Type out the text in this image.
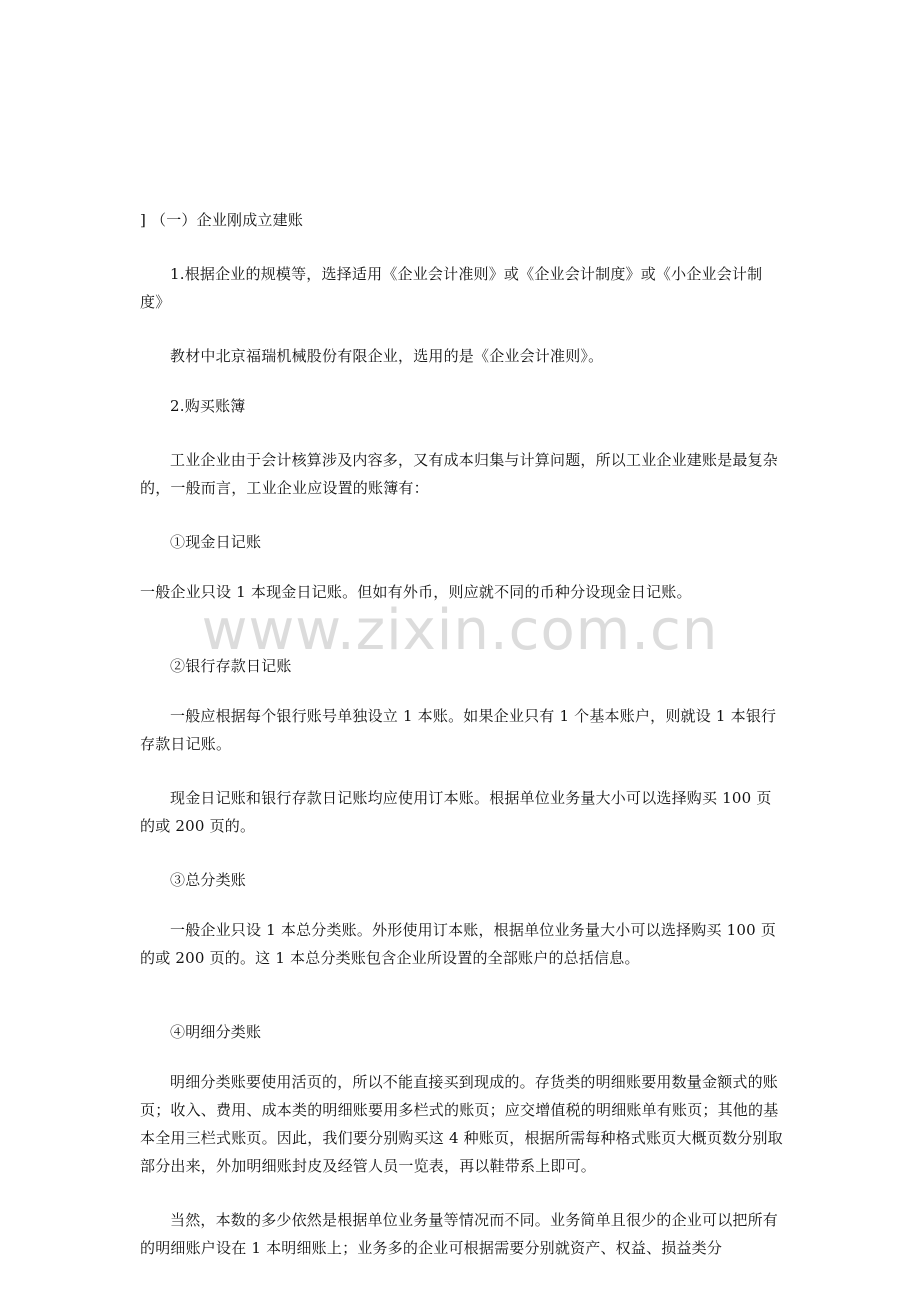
www.zixin.com.cn

] （一）企业刚成立建账

1.根据企业的规模等，选择适用《企业会计准则》或《企业会计制度》或《小企业会计制度》

教材中北京福瑞机械股份有限企业，选用的是《企业会计准则》。

2.购买账簿

工业企业由于会计核算涉及内容多，又有成本归集与计算问题，所以工业企业建账是最复杂的，一般而言，工业企业应设置的账簿有：

①现金日记账

一般企业只设 1 本现金日记账。但如有外币，则应就不同的币种分设现金日记账。

②银行存款日记账

一般应根据每个银行账号单独设立 1 本账。如果企业只有 1 个基本账户，则就设 1 本银行存款日记账。

现金日记账和银行存款日记账均应使用订本账。根据单位业务量大小可以选择购买 100 页的或 200 页的。

③总分类账

一般企业只设 1 本总分类账。外形使用订本账，根据单位业务量大小可以选择购买 100 页的或 200 页的。这 1 本总分类账包含企业所设置的全部账户的总括信息。

④明细分类账

明细分类账要使用活页的，所以不能直接买到现成的。存货类的明细账要用数量金额式的账页；收入、费用、成本类的明细账要用多栏式的账页；应交增值税的明细账单有账页；其他的基本全用三栏式账页。因此，我们要分别购买这 4 种账页，根据所需每种格式账页大概页数分别取部分出来，外加明细账封皮及经管人员一览表，再以鞋带系上即可。

当然，本数的多少依然是根据单位业务量等情况而不同。业务简单且很少的企业可以把所有的明细账户设在 1 本明细账上；业务多的企业可根据需要分别就资产、权益、损益类分
